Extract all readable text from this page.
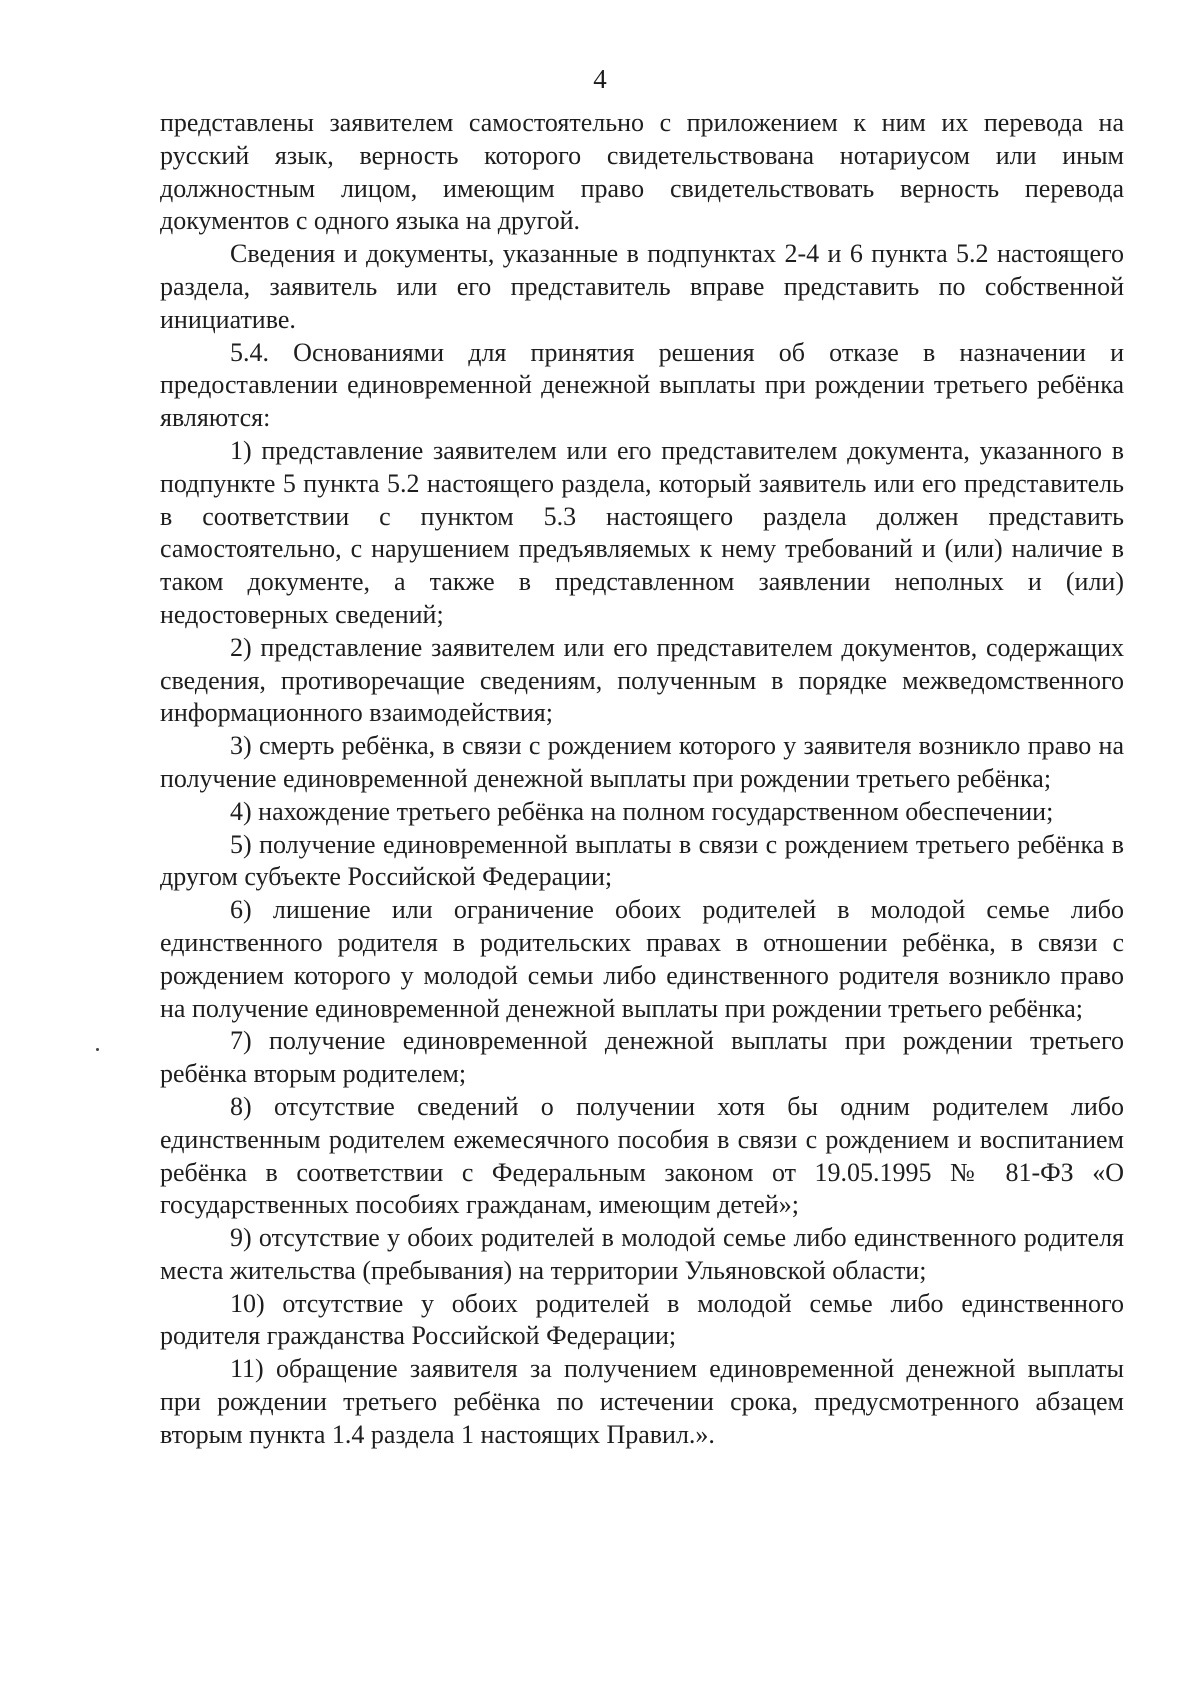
4

представлены заявителем самостоятельно с приложением к ним их перевода на русский язык, верность которого свидетельствована нотариусом или иным должностным лицом, имеющим право свидетельствовать верность перевода документов с одного языка на другой.

Сведения и документы, указанные в подпунктах 2-4 и 6 пункта 5.2 настоящего раздела, заявитель или его представитель вправе представить по собственной инициативе.

5.4. Основаниями для принятия решения об отказе в назначении и предоставлении единовременной денежной выплаты при рождении третьего ребёнка являются:

1) представление заявителем или его представителем документа, указанного в подпункте 5 пункта 5.2 настоящего раздела, который заявитель или его представитель в соответствии с пунктом 5.3 настоящего раздела должен представить самостоятельно, с нарушением предъявляемых к нему требований и (или) наличие в таком документе, а также в представленном заявлении неполных и (или) недостоверных сведений;

2) представление заявителем или его представителем документов, содержащих сведения, противоречащие сведениям, полученным в порядке межведомственного информационного взаимодействия;

3) смерть ребёнка, в связи с рождением которого у заявителя возникло право на получение единовременной денежной выплаты при рождении третьего ребёнка;

4) нахождение третьего ребёнка на полном государственном обеспечении;

5) получение единовременной выплаты в связи с рождением третьего ребёнка в другом субъекте Российской Федерации;

6) лишение или ограничение обоих родителей в молодой семье либо единственного родителя в родительских правах в отношении ребёнка, в связи с рождением которого у молодой семьи либо единственного родителя возникло право на получение единовременной денежной выплаты при рождении третьего ребёнка;

7) получение единовременной денежной выплаты при рождении третьего ребёнка вторым родителем;

8) отсутствие сведений о получении хотя бы одним родителем либо единственным родителем ежемесячного пособия в связи с рождением и воспитанием ребёнка в соответствии с Федеральным законом от 19.05.1995 № 81-ФЗ «О государственных пособиях гражданам, имеющим детей»;

9) отсутствие у обоих родителей в молодой семье либо единственного родителя места жительства (пребывания) на территории Ульяновской области;

10) отсутствие у обоих родителей в молодой семье либо единственного родителя гражданства Российской Федерации;

11) обращение заявителя за получением единовременной денежной выплаты при рождении третьего ребёнка по истечении срока, предусмотренного абзацем вторым пункта 1.4 раздела 1 настоящих Правил.».
